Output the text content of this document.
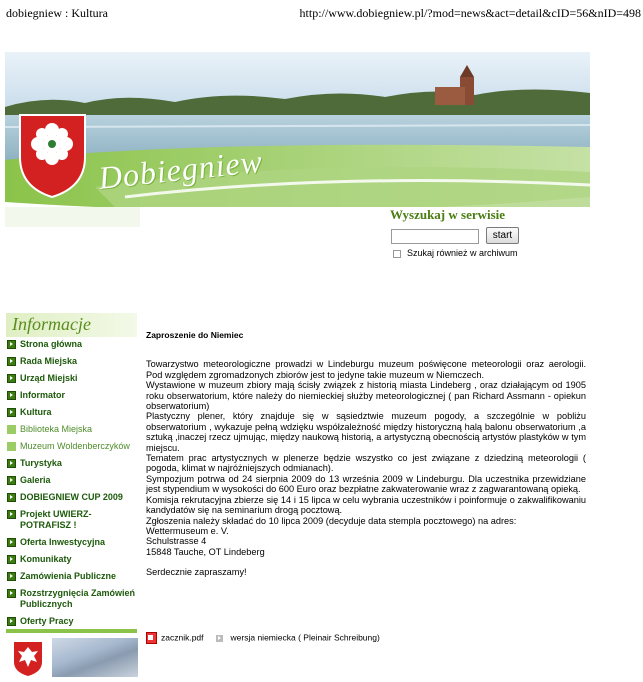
dobiegniew : Kultura	http://www.dobiegniew.pl/?mod=news&act=detail&cID=56&nID=498
Dobiegniew
Wyszukaj w serwisie
start
Szukaj również w archiwum
Informacje
Strona główna
Rada Miejska
Urząd Miejski
Informator
Kultura
Biblioteka Miejska
Muzeum Woldenberczyków
Turystyka
Galeria
DOBIEGNIEW CUP 2009
Projekt UWIERZ- POTRAFISZ !
Oferta Inwestycyjna
Komunikaty
Zamówienia Publiczne
Rozstrzygnięcia Zamówień Publicznych
Oferty Pracy
Zaproszenie do Niemiec

Towarzystwo meteorologiczne prowadzi w Lindeburgu muzeum poświęcone meteorologii oraz aerologii. Pod względem zgromadzonych zbiorów jest to jedyne takie muzeum w Niemczech.

Wystawione w muzeum zbiory mają ścisły związek z historią miasta Lindeberg , oraz działającym od 1905 roku obserwatorium, które należy do niemieckiej służby meteorologicznej ( pan Richard Assmann - opiekun obserwatorium)

Plastyczny plener, który znajduje się w sąsiedztwie muzeum pogody, a szczególnie w pobliżu obserwatorium , wykazuje pełną wdzięku współzależność między historyczną halą balonu obserwatorium ,a sztuką ,inaczej rzecz ujmując, między naukową historią, a artystyczną obecnością artystów plastyków w tym miejscu.

Tematem prac artystycznych w plenerze będzie wszystko co jest związane z dziedziną meteorologii ( pogoda, klimat w najróżniejszych odmianach).

Sympozjum potrwa od 24 sierpnia 2009 do 13 września 2009 w Lindeburgu. Dla uczestnika przewidziane jest stypendium w wysokości do 600 Euro oraz bezpłatne zakwaterowanie wraz z zagwarantowaną opieką.

Komisja rekrutacyjna zbierze się 14 i 15 lipca w celu wybrania uczestników i poinformuje o zakwalifikowaniu kandydatów się na seminarium drogą pocztową.

Zgłoszenia należy składać do 10 lipca 2009 (decyduje data stempla pocztowego) na adres:

Wettermuseum e. V.

Schulstrasse 4

15848 Tauche, OT Lindeberg

Serdecznie zapraszamy!

zacznik.pdf	wersja niemiecka ( Pleinair Schreibung)
